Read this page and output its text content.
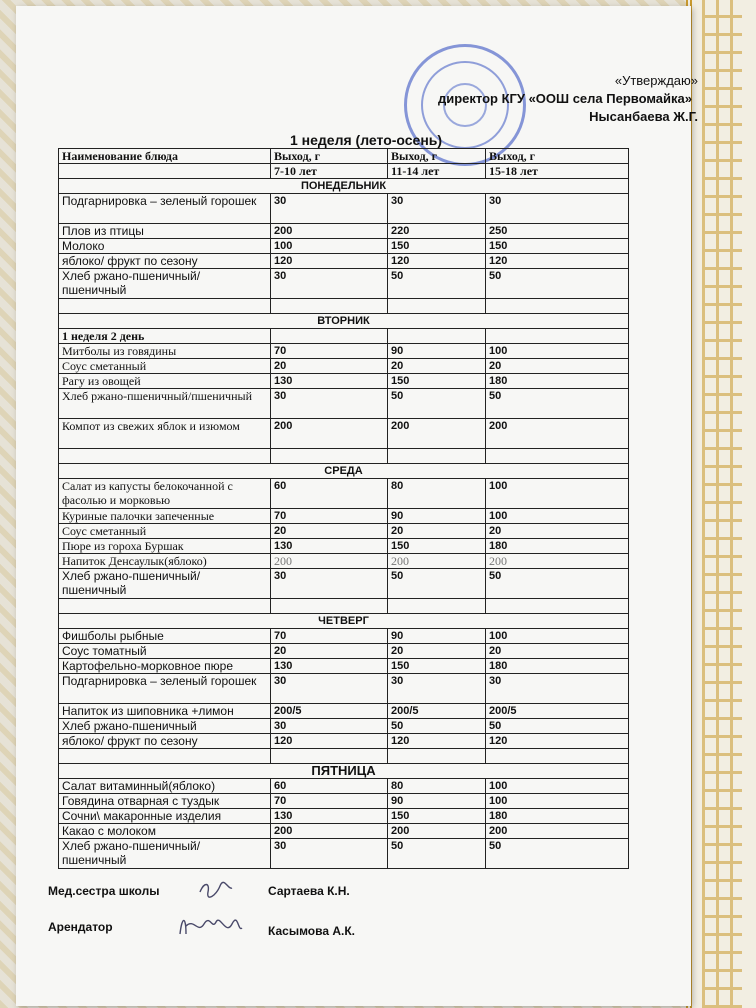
«Утверждаю»
директор КГУ «ООШ села Первомайка»
Нысанбаева Ж.Г.
1 неделя (лето-осень)
Наименование блюда	Выход, г	Выход, г	Выход, г
	7-10 лет	11-14 лет	15-18 лет
ПОНЕДЕЛЬНИК			
Подгарнировка – зеленый горошек	30	30	30
Плов из птицы	200	220	250
Молоко	100	150	150
яблоко/ фрукт по сезону	120	120	120
Хлеб ржано-пшеничный/ пшеничный	30	50	50

ВТОРНИК			
1 неделя 2 день			
Митболы из говядины	70	90	100
Соус сметанный	20	20	20
Рагу из овощей	130	150	180
Хлеб ржано-пшеничный/пшеничный	30	50	50
Компот из свежих яблок и изюмом	200	200	200

СРЕДА			
Салат из капусты белокочанной с фасолью и морковью	60	80	100
Куриные палочки запеченные	70	90	100
Соус сметанный	20	20	20
Пюре из гороха Буршак	130	150	180
Напиток Денсаулык(яблоко)	200	200	200
Хлеб ржано-пшеничный/ пшеничный	30	50	50

ЧЕТВЕРГ			
Фишболы рыбные	70	90	100
Соус томатный	20	20	20
Картофельно-морковное пюре	130	150	180
Подгарнировка – зеленый горошек	30	30	30
Напиток из шиповника +лимон	200/5	200/5	200/5
Хлеб ржано-пшеничный	30	50	50
яблоко/ фрукт по сезону	120	120	120

ПЯТНИЦА			
Салат витаминный(яблоко)	60	80	100
Говядина отварная с туздык	70	90	100
Сочни\ макаронные изделия	130	150	180
Какао с молоком	200	200	200
Хлеб ржано-пшеничный/ пшеничный	30	50	50
Мед.сестра школы	Сартаева К.Н.
Арендатор	Касымова А.К.
